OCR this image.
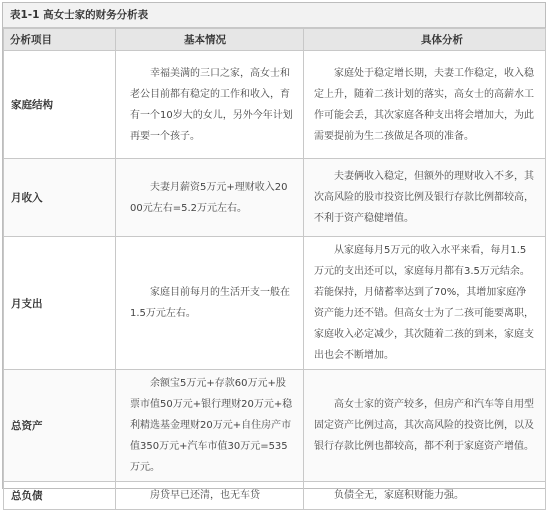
表1-1 高女士家的财务分析表
分析项目	基本情况	具体分析
家庭结构	幸福美满的三口之家，高女士和老公目前都有稳定的工作和收入，育有一个10岁大的女儿，另外今年计划再要一个孩子。	家庭处于稳定增长期，夫妻工作稳定，收入稳定上升，随着二孩计划的落实，高女士的高薪水工作可能会丢，其次家庭各种支出将会增加大，为此需要提前为生二孩做足各项的准备。
月收入	夫妻月薪资5万元+理财收入2000元左右=5.2万元左右。	夫妻俩收入稳定，但额外的理财收入不多，其次高风险的股市投资比例及银行存款比例都较高，不利于资产稳健增值。
月支出	家庭目前每月的生活开支一般在1.5万元左右。	从家庭每月5万元的收入水平来看，每月1.5万元的支出还可以，家庭每月都有3.5万元结余。若能保持，月储蓄率达到了70%，其增加家庭净资产能力还不错。但高女士为了二孩可能要离职，家庭收入必定减少，其次随着二孩的到来，家庭支出也会不断增加。
总资产	余额宝5万元+存款60万元+股票市值50万元+银行理财20万元+稳利精选基金理财20万元+自住房产市值350万元+汽车市值30万元=535万元。	高女士家的资产较多，但房产和汽车等自用型固定资产比例过高，其次高风险的投资比例，以及银行存款比例也都较高，都不利于家庭资产增值。
总负债	房贷早已还清，也无车贷	负债全无，家庭积财能力强。
